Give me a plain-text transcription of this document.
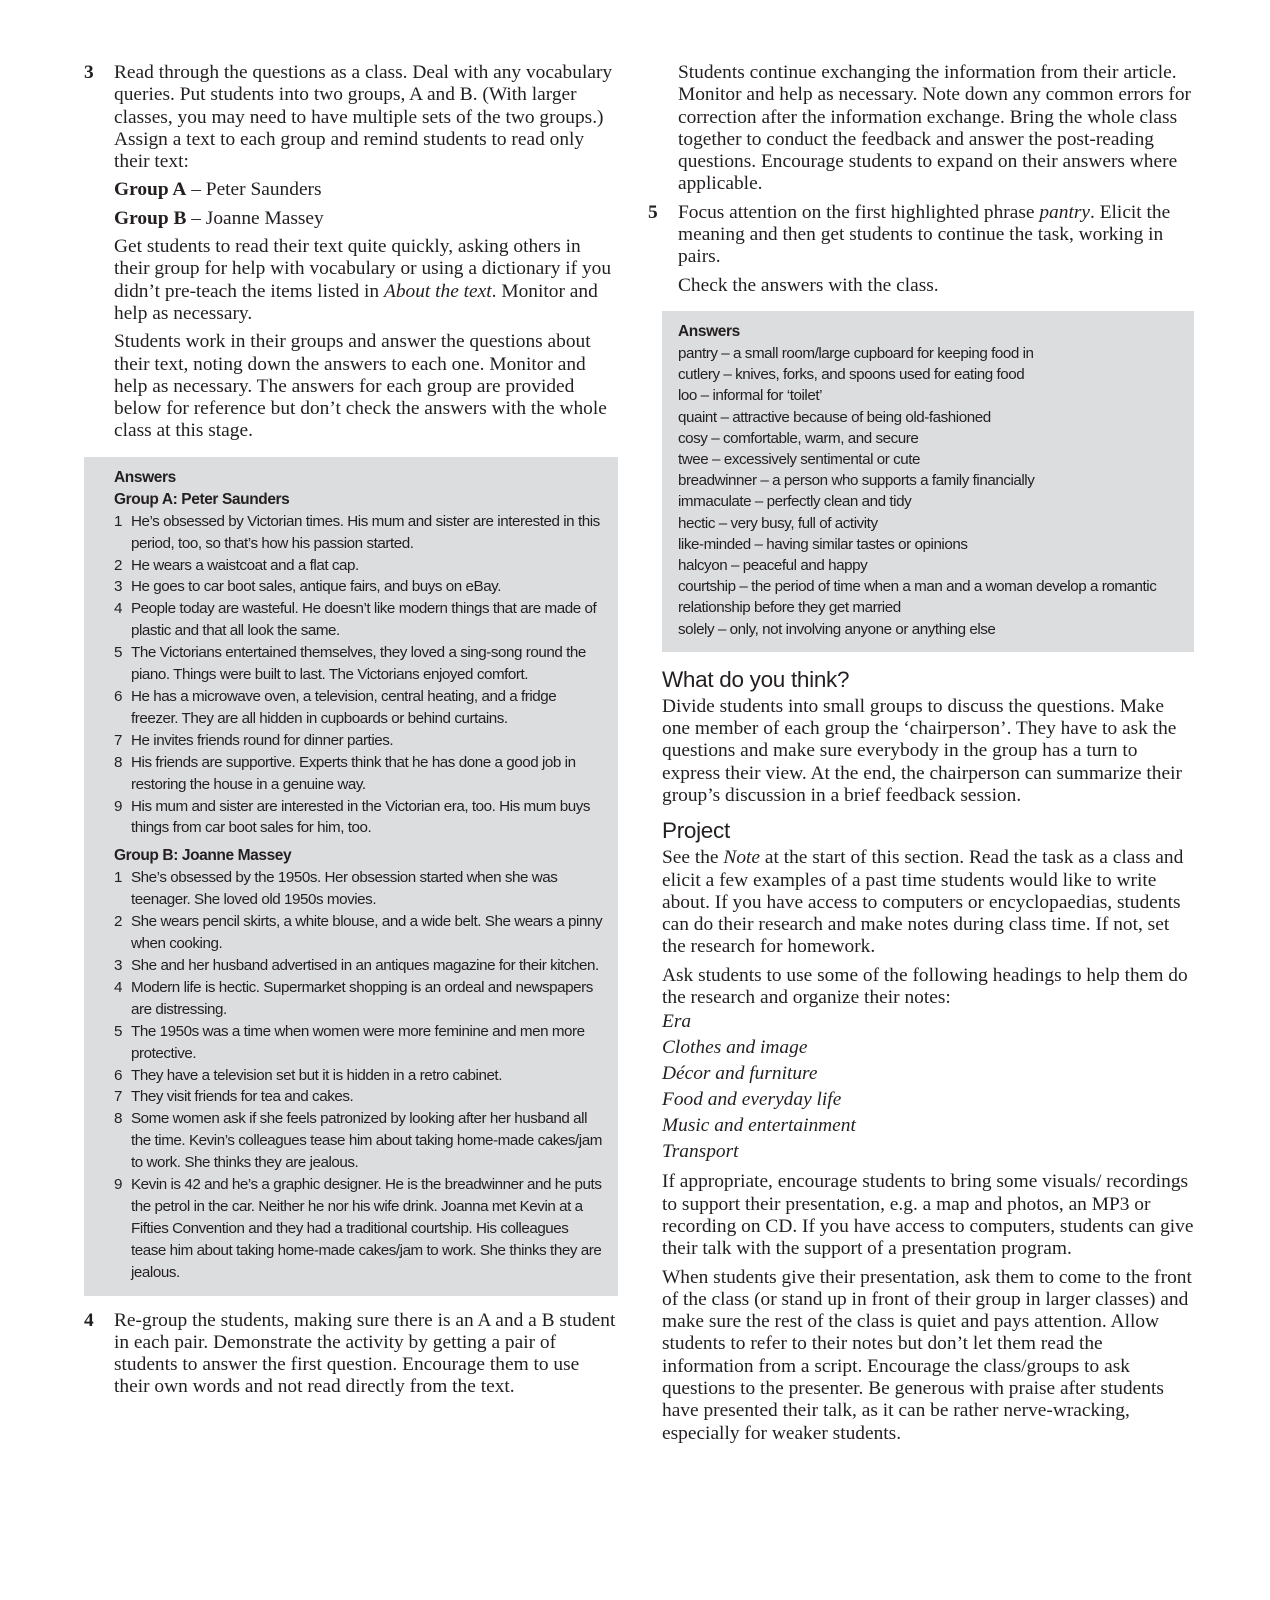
3	Read through the questions as a class. Deal with any vocabulary queries. Put students into two groups, A and B. (With larger classes, you may need to have multiple sets of the two groups.) Assign a text to each group and remind students to read only their text:

Group A – Peter Saunders
Group B – Joanne Massey

Get students to read their text quite quickly, asking others in their group for help with vocabulary or using a dictionary if you didn’t pre-teach the items listed in About the text. Monitor and help as necessary.

Students work in their groups and answer the questions about their text, noting down the answers to each one. Monitor and help as necessary. The answers for each group are provided below for reference but don’t check the answers with the whole class at this stage.

Answers
Group A: Peter Saunders
1 He’s obsessed by Victorian times. His mum and sister are interested in this period, too, so that’s how his passion started.
2 He wears a waistcoat and a flat cap.
3 He goes to car boot sales, antique fairs, and buys on eBay.
4 People today are wasteful. He doesn’t like modern things that are made of plastic and that all look the same.
5 The Victorians entertained themselves, they loved a sing-song round the piano. Things were built to last. The Victorians enjoyed comfort.
6 He has a microwave oven, a television, central heating, and a fridge freezer. They are all hidden in cupboards or behind curtains.
7 He invites friends round for dinner parties.
8 His friends are supportive. Experts think that he has done a good job in restoring the house in a genuine way.
9 His mum and sister are interested in the Victorian era, too. His mum buys things from car boot sales for him, too.
Group B: Joanne Massey
1 She’s obsessed by the 1950s. Her obsession started when she was teenager. She loved old 1950s movies.
2 She wears pencil skirts, a white blouse, and a wide belt. She wears a pinny when cooking.
3 She and her husband advertised in an antiques magazine for their kitchen.
4 Modern life is hectic. Supermarket shopping is an ordeal and newspapers are distressing.
5 The 1950s was a time when women were more feminine and men more protective.
6 They have a television set but it is hidden in a retro cabinet.
7 They visit friends for tea and cakes.
8 Some women ask if she feels patronized by looking after her husband all the time. Kevin’s colleagues tease him about taking home-made cakes/jam to work. She thinks they are jealous.
9 Kevin is 42 and he’s a graphic designer. He is the breadwinner and he puts the petrol in the car. Neither he nor his wife drink. Joanna met Kevin at a Fifties Convention and they had a traditional courtship. His colleagues tease him about taking home-made cakes/jam to work. She thinks they are jealous.
4	Re-group the students, making sure there is an A and a B student in each pair. Demonstrate the activity by getting a pair of students to answer the first question. Encourage them to use their own words and not read directly from the text.
Students continue exchanging the information from their article. Monitor and help as necessary. Note down any common errors for correction after the information exchange. Bring the whole class together to conduct the feedback and answer the post-reading questions. Encourage students to expand on their answers where applicable.
5	Focus attention on the first highlighted phrase pantry. Elicit the meaning and then get students to continue the task, working in pairs.

Check the answers with the class.

Answers
pantry – a small room/large cupboard for keeping food in
cutlery – knives, forks, and spoons used for eating food
loo – informal for ‘toilet’
quaint – attractive because of being old-fashioned
cosy – comfortable, warm, and secure
twee – excessively sentimental or cute
breadwinner – a person who supports a family financially
immaculate – perfectly clean and tidy
hectic – very busy, full of activity
like-minded – having similar tastes or opinions
halcyon – peaceful and happy
courtship – the period of time when a man and a woman develop a romantic relationship before they get married
solely – only, not involving anyone or anything else
What do you think?
Divide students into small groups to discuss the questions. Make one member of each group the ‘chairperson’. They have to ask the questions and make sure everybody in the group has a turn to express their view. At the end, the chairperson can summarize their group’s discussion in a brief feedback session.
Project
See the Note at the start of this section. Read the task as a class and elicit a few examples of a past time students would like to write about. If you have access to computers or encyclopaedias, students can do their research and make notes during class time. If not, set the research for homework.
Ask students to use some of the following headings to help them do the research and organize their notes:
Era
Clothes and image
Décor and furniture
Food and everyday life
Music and entertainment
Transport
If appropriate, encourage students to bring some visuals/ recordings to support their presentation, e.g. a map and photos, an MP3 or recording on CD. If you have access to computers, students can give their talk with the support of a presentation program.
When students give their presentation, ask them to come to the front of the class (or stand up in front of their group in larger classes) and make sure the rest of the class is quiet and pays attention. Allow students to refer to their notes but don’t let them read the information from a script. Encourage the class/groups to ask questions to the presenter. Be generous with praise after students have presented their talk, as it can be rather nerve-wracking, especially for weaker students.
